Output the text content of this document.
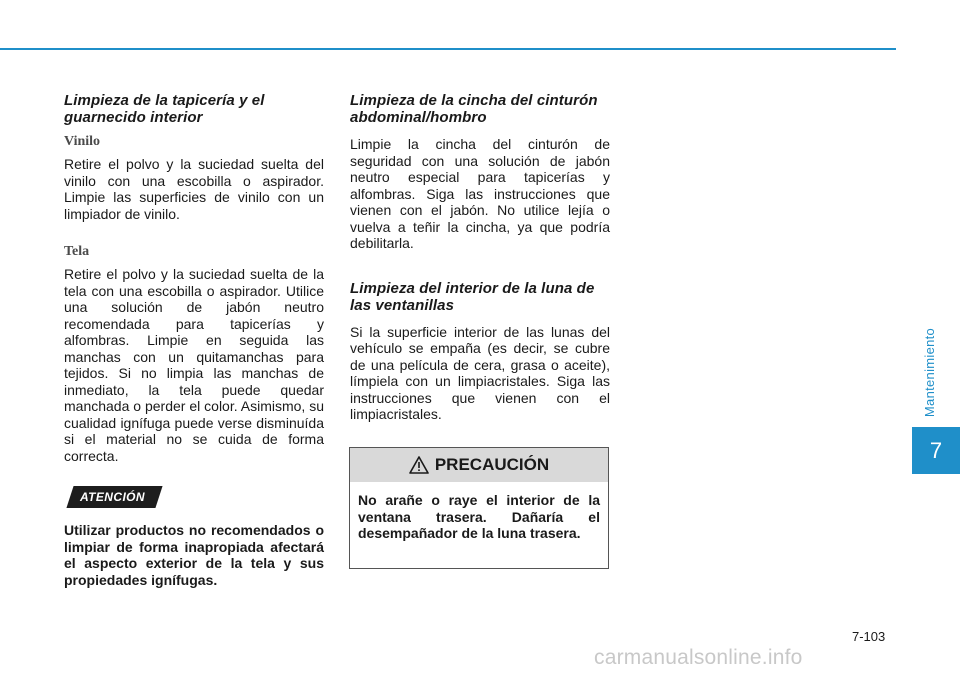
Limpieza de la tapicería y el guarnecido interior
Vinilo

Retire el polvo y la suciedad suelta del vinilo con una escobilla o aspirador. Limpie las superficies de vinilo con un limpiador de vinilo.

Tela

Retire el polvo y la suciedad suelta de la tela con una escobilla o aspirador. Utilice una solución de jabón neutro recomendada para tapicerías y alfombras. Limpie en seguida las manchas con un quitamanchas para tejidos. Si no limpia las manchas de inmediato, la tela puede quedar manchada o perder el color. Asimismo, su cualidad ignífuga puede verse disminuída si el material no se cuida de forma correcta.

ATENCIÓN

Utilizar productos no recomendados o limpiar de forma inapropiada afectará el aspecto exterior de la tela y sus propiedades ignífugas.

Limpieza de la cincha del cinturón abdominal/hombro

Limpie la cincha del cinturón de seguridad con una solución de jabón neutro especial para tapicerías y alfombras. Siga las instrucciones que vienen con el jabón. No utilice lejía o vuelva a teñir la cincha, ya que podría debilitarla.

Limpieza del interior de la luna de las ventanillas

Si la superficie interior de las lunas del vehículo se empaña (es decir, se cubre de una película de cera, grasa o aceite), límpiela con un limpiacristales. Siga las instrucciones que vienen con el limpiacristales.

PRECAUCIÓN

No arañe o raye el interior de la ventana trasera. Dañaría el desempañador de la luna trasera.

Mantenimiento
7
7-103
carmanualsonline.info
